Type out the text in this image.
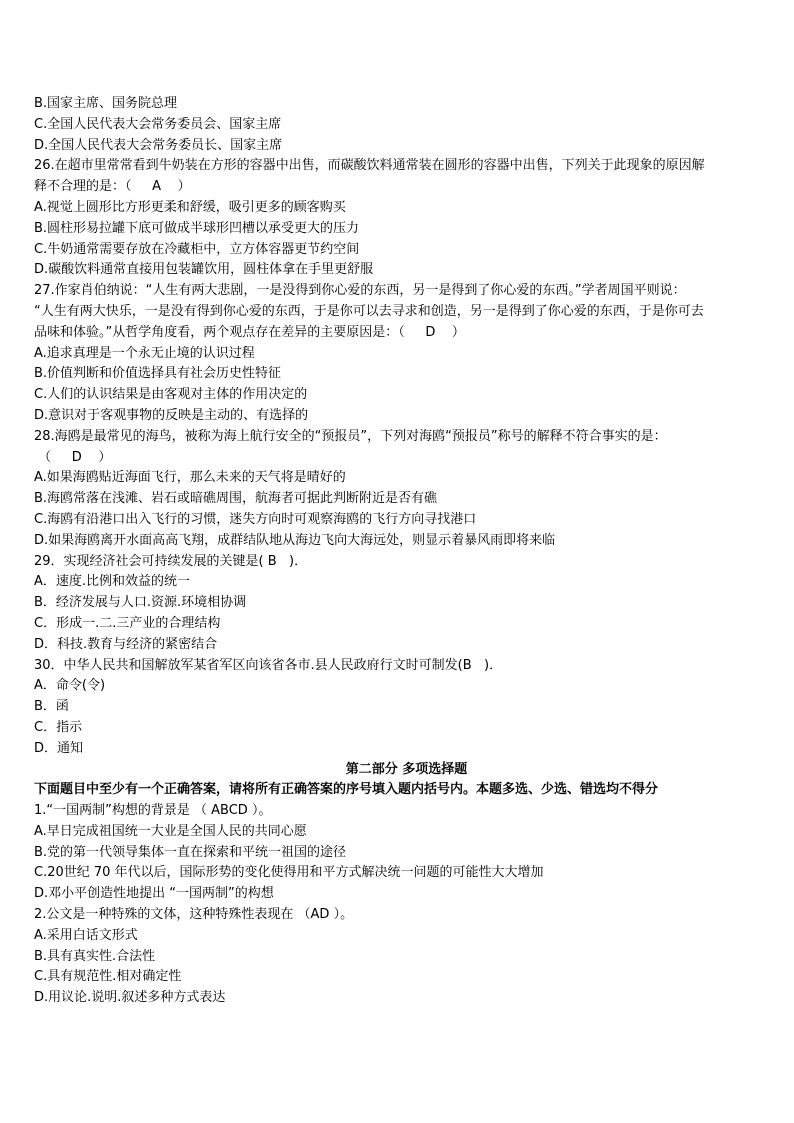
B.国家主席、国务院总理
C.全国人民代表大会常务委员会、国家主席
D.全国人民代表大会常务委员长、国家主席
26.在超市里常常看到牛奶装在方形的容器中出售，而碳酸饮料通常装在圆形的容器中出售，下列关于此现象的原因解
释不合理的是：（     A    ）
A.视觉上圆形比方形更柔和舒缓，吸引更多的顾客购买
B.圆柱形易拉罐下底可做成半球形凹槽以承受更大的压力
C.牛奶通常需要存放在冷藏柜中，立方体容器更节约空间
D.碳酸饮料通常直接用包装罐饮用，圆柱体拿在手里更舒服
27.作家肖伯纳说：“人生有两大悲剧，一是没得到你心爱的东西，另一是得到了你心爱的东西。”学者周国平则说：
“人生有两大快乐，一是没有得到你心爱的东西，于是你可以去寻求和创造，另一是得到了你心爱的东西，于是你可去
品味和体验。”从哲学角度看，两个观点存在差异的主要原因是：（     D    ）
A.追求真理是一个永无止境的认识过程
B.价值判断和价值选择具有社会历史性特征
C.人们的认识结果是由客观对主体的作用决定的
D.意识对于客观事物的反映是主动的、有选择的
28.海鸥是最常见的海鸟，被称为海上航行安全的“预报员”，下列对海鸥“预报员”称号的解释不符合事实的是：
（     D    ）
A.如果海鸥贴近海面飞行，那么未来的天气将是晴好的
B.海鸥常落在浅滩、岩石或暗礁周围，航海者可据此判断附近是否有礁
C.海鸥有沿港口出入飞行的习惯，迷失方向时可观察海鸥的飞行方向寻找港口
D.如果海鸥离开水面高高飞翔，成群结队地从海边飞向大海远处，则显示着暴风雨即将来临
29．实现经济社会可持续发展的关键是( B   )．
A．速度.比例和效益的统一
B．经济发展与人口.资源.环境相协调
C．形成一.二.三产业的合理结构
D．科技.教育与经济的紧密结合
30．中华人民共和国解放军某省军区向该省各市.县人民政府行文时可制发(B   )．
A．命令(令)
B．函
C．指示
D．通知
第二部分 多项选择题
下面题目中至少有一个正确答案，请将所有正确答案的序号填入题内括号内。本题多选、少选、错选均不得分
1.“一国两制”构想的背景是 （ ABCD ）。
A.早日完成祖国统一大业是全国人民的共同心愿
B.党的第一代领导集体一直在探索和平统一祖国的途径
C.20世纪 70 年代以后，国际形势的变化使得用和平方式解决统一问题的可能性大大增加
D.邓小平创造性地提出 “一国两制”的构想
2.公文是一种特殊的文体，这种特殊性表现在 （AD ）。
A.采用白话文形式
B.具有真实性.合法性
C.具有规范性.相对确定性
D.用议论.说明.叙述多种方式表达
